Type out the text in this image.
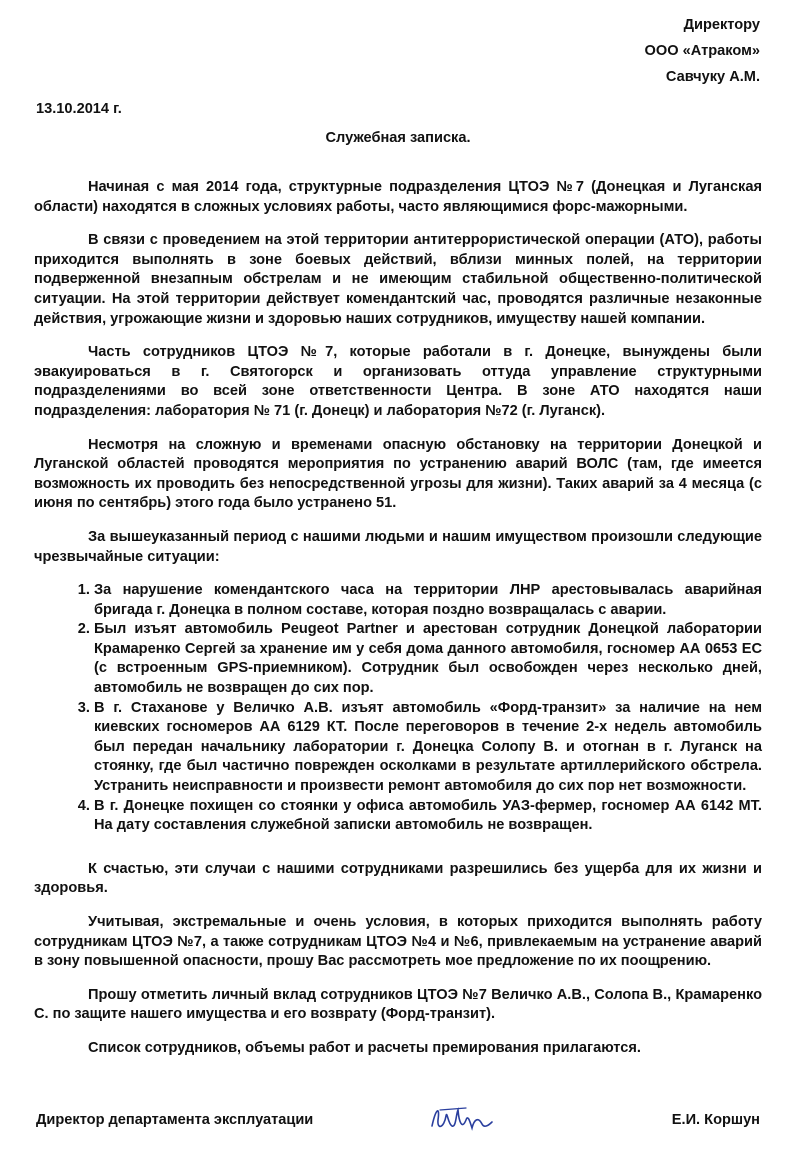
Директору
ООО «Атраком»
Савчуку А.М.
13.10.2014 г.
Служебная записка.

Начиная с мая 2014 года, структурные подразделения ЦТОЭ №7 (Донецкая и Луганская области) находятся в сложных условиях работы, часто являющимися форс-мажорными.

В связи с проведением на этой территории антитеррористической операции (АТО), работы приходится выполнять в зоне боевых действий, вблизи минных полей, на территории подверженной внезапным обстрелам и не имеющим стабильной общественно-политической ситуации. На этой территории действует комендантский час, проводятся различные незаконные действия, угрожающие жизни и здоровью наших сотрудников, имуществу нашей компании.

Часть сотрудников ЦТОЭ №7, которые работали в г. Донецке, вынуждены были эвакуироваться в г. Святогорск и организовать оттуда управление структурными подразделениями во всей зоне ответственности Центра. В зоне АТО находятся наши подразделения: лаборатория № 71 (г. Донецк) и лаборатория №72 (г. Луганск).

Несмотря на сложную и временами опасную обстановку на территории Донецкой и Луганской областей проводятся мероприятия по устранению аварий ВОЛС (там, где имеется возможность их проводить без непосредственной угрозы для жизни). Таких аварий за 4 месяца (с июня по сентябрь) этого года было устранено 51.

За вышеуказанный период с нашими людьми и нашим имуществом произошли следующие чрезвычайные ситуации:

1. За нарушение комендантского часа на территории ЛНР арестовывалась аварийная бригада г. Донецка в полном составе, которая поздно возвращалась с аварии.
2. Был изъят автомобиль Peugeot Partner и арестован сотрудник Донецкой лаборатории Крамаренко Сергей за хранение им у себя дома данного автомобиля, госномер АА 0653 ЕС (с встроенным GPS-приемником). Сотрудник был освобожден через несколько дней, автомобиль не возвращен до сих пор.
3. В г. Стаханове у Величко А.В. изъят автомобиль «Форд-транзит» за наличие на нем киевских госномеров АА 6129 КТ. После переговоров в течение 2-х недель автомобиль был передан начальнику лаборатории г. Донецка Солопу В. и отогнан в г. Луганск на стоянку, где был частично поврежден осколками в результате артиллерийского обстрела. Устранить неисправности и произвести ремонт автомобиля до сих пор нет возможности.
4. В г. Донецке похищен со стоянки у офиса автомобиль УАЗ-фермер, госномер АА 6142 МТ. На дату составления служебной записки автомобиль не возвращен.

К счастью, эти случаи с нашими сотрудниками разрешились без ущерба для их жизни и здоровья.

Учитывая, экстремальные и очень условия, в которых приходится выполнять работу сотрудникам ЦТОЭ №7, а также сотрудникам ЦТОЭ №4 и №6, привлекаемым на устранение аварий в зону повышенной опасности, прошу Вас рассмотреть мое предложение по их поощрению.

Прошу отметить личный вклад сотрудников ЦТОЭ №7 Величко А.В., Солопа В., Крамаренко С. по защите нашего имущества и его возврату (Форд-транзит).

Список сотрудников, объемы работ и расчеты премирования прилагаются.

Директор департамента эксплуатации	Е.И. Коршун
